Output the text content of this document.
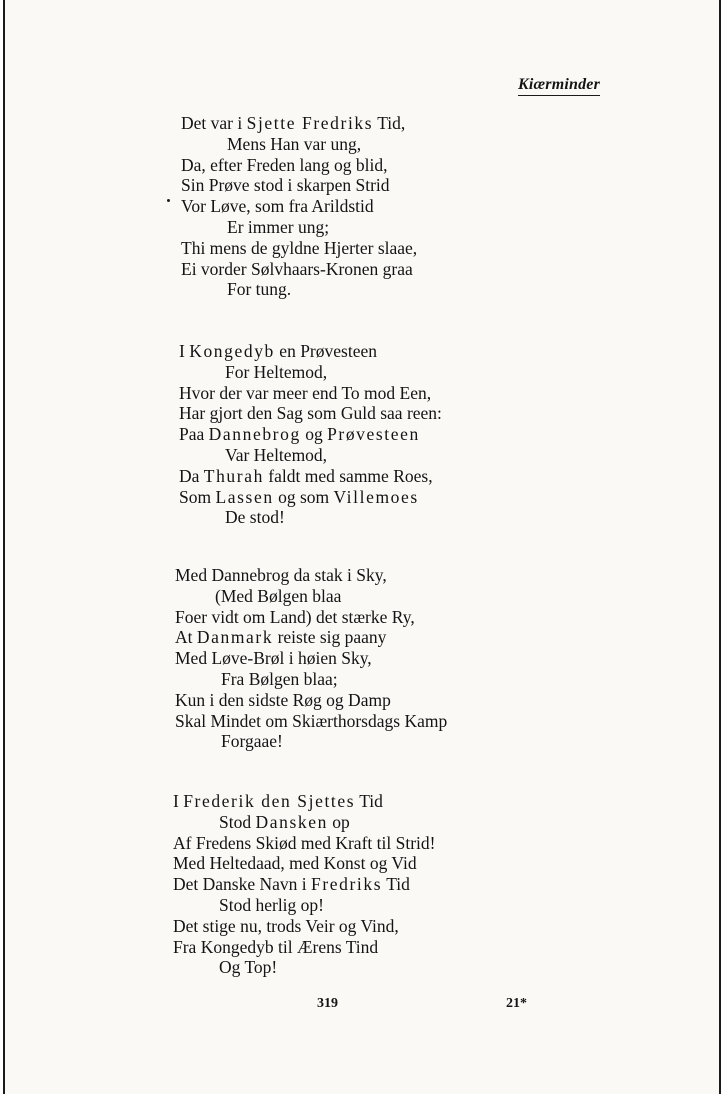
Kiærminder
Det var i Sjette Fredriks Tid,
Mens Han var ung,
Da, efter Freden lang og blid,
Sin Prøve stod i skarpen Strid
Vor Løve, som fra Arildstid
Er immer ung;
Thi mens de gyldne Hjerter slaae,
Ei vorder Sølvhaars-Kronen graa
For tung.
I Kongedyb en Prøvesteen
For Heltemod,
Hvor der var meer end To mod Een,
Har gjort den Sag som Guld saa reen:
Paa Dannebrog og Prøvesteen
Var Heltemod,
Da Thurah faldt med samme Roes,
Som Lassen og som Villemoes
De stod!
Med Dannebrog da stak i Sky,
(Med Bølgen blaa
Foer vidt om Land) det stærke Ry,
At Danmark reiste sig paany
Med Løve-Brøl i høien Sky,
Fra Bølgen blaa;
Kun i den sidste Røg og Damp
Skal Mindet om Skiærthorsdags Kamp
Forgaae!
I Frederik den Sjettes Tid
Stod Dansken op
Af Fredens Skiød med Kraft til Strid!
Med Heltedaad, med Konst og Vid
Det Danske Navn i Fredriks Tid
Stod herlig op!
Det stige nu, trods Veir og Vind,
Fra Kongedyb til Ærens Tind
Og Top!
319	21*
